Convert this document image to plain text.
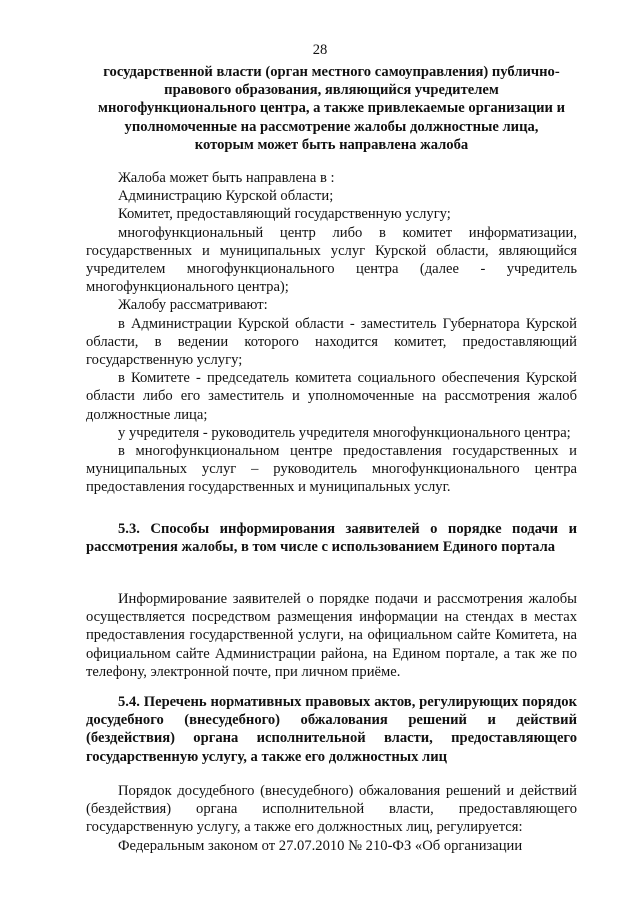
28

государственной власти (орган местного самоуправления) публично-

правового образования, являющийся учредителем

многофункционального центра, а также привлекаемые организации и

уполномоченные на рассмотрение жалобы должностные лица,

которым может быть направлена жалоба

Жалоба может быть направлена в :

Администрацию Курской области;

Комитет, предоставляющий государственную услугу;

многофункциональный центр либо в комитет информатизации, государственных и муниципальных услуг Курской области, являющийся учредителем многофункционального центра (далее - учредитель многофункционального центра);

Жалобу рассматривают:

в Администрации Курской области - заместитель Губернатора Курской области, в ведении которого находится комитет, предоставляющий государственную услугу;

в Комитете - председатель комитета социального обеспечения Курской области либо его заместитель и уполномоченные на рассмотрения жалоб должностные лица;

у учредителя - руководитель учредителя многофункционального центра;

в многофункциональном центре предоставления государственных и муниципальных услуг – руководитель многофункционального центра предоставления государственных и муниципальных услуг.

5.3. Способы информирования заявителей о порядке подачи и рассмотрения жалобы, в том числе с использованием Единого портала

Информирование заявителей о порядке подачи и рассмотрения жалобы осуществляется посредством размещения информации на стендах в местах предоставления государственной услуги, на официальном сайте Комитета, на официальном сайте Администрации района, на Едином портале, а так же по телефону, электронной почте, при личном приёме.

5.4. Перечень нормативных правовых актов, регулирующих порядок досудебного (внесудебного) обжалования решений и действий (бездействия) органа исполнительной власти, предоставляющего государственную услугу, а также его должностных лиц

Порядок досудебного (внесудебного) обжалования решений и действий (бездействия) органа исполнительной власти, предоставляющего государственную услугу, а также его должностных лиц, регулируется:

Федеральным законом от 27.07.2010 № 210-ФЗ «Об организации
